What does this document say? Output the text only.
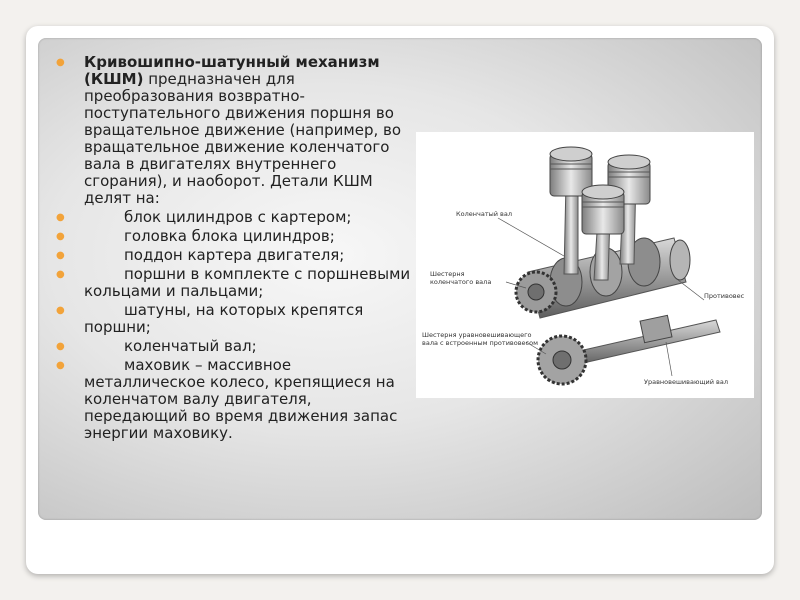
● Кривошипно-шатунный механизм (КШМ) предназначен для преобразования возвратно-поступательного движения поршня во вращательное движение (например, во вращательное движение коленчатого вала в двигателях внутреннего сгорания), и наоборот. Детали КШМ делят на:
●	блок цилиндров с картером;
●	головка блока цилиндров;
●	поддон картера двигателя;
●	поршни в комплекте с поршневыми кольцами и пальцами;
●	шатуны, на которых крепятся поршни;
●	коленчатый вал;
●	маховик – массивное металлическое колесо, крепящиеся на коленчатом валу двигателя, передающий во время движения запас энергии маховику.
Коленчатый вал
Шестерня
коленчатого вала
Противовес
Шестерня уравновешивающего
вала с встроенным противовесом
Уравновешивающий вал
